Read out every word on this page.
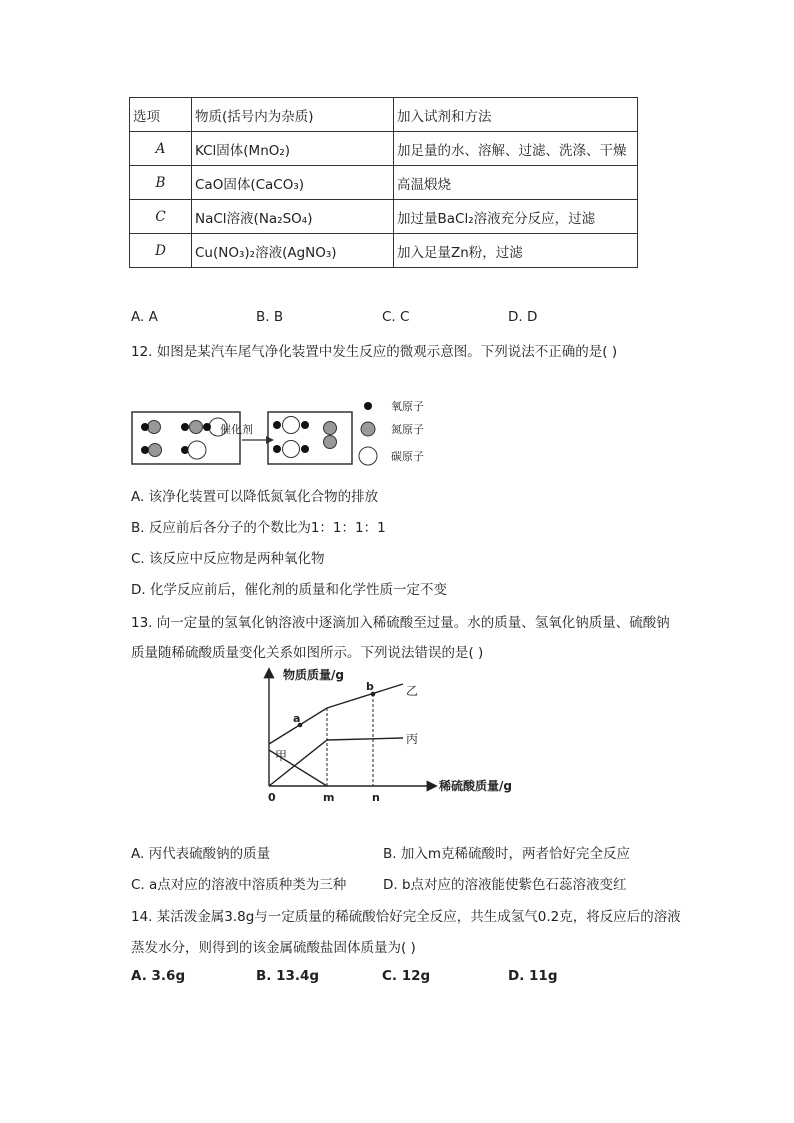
选项	物质(括号内为杂质)	加入试剂和方法
A	KCl固体(MnO₂)	加足量的水、溶解、过滤、洗涤、干燥
B	CaO固体(CaCO₃)	高温煅烧
C	NaCl溶液(Na₂SO₄)	加过量BaCl₂溶液充分反应，过滤
D	Cu(NO₃)₂溶液(AgNO₃)	加入足量Zn粉，过滤
A. A	B. B	C. C	D. D
12. 如图是某汽车尾气净化装置中发生反应的微观示意图。下列说法不正确的是( )
催化剂
氧原子
氮原子
碳原子
A. 该净化装置可以降低氮氧化合物的排放
B. 反应前后各分子的个数比为1：1：1：1
C. 该反应中反应物是两种氧化物
D. 化学反应前后，催化剂的质量和化学性质一定不变
13. 向一定量的氢氧化钠溶液中逐滴加入稀硫酸至过量。水的质量、氢氧化钠质量、硫酸钠
质量随稀硫酸质量变化关系如图所示。下列说法错误的是( )
物质质量/g
稀硫酸质量/g
0	m	n
a
b	乙
丙
甲
A. 丙代表硫酸钠的质量	B. 加入m克稀硫酸时，两者恰好完全反应
C. a点对应的溶液中溶质种类为三种	D. b点对应的溶液能使紫色石蕊溶液变红
14. 某活泼金属3.8g与一定质量的稀硫酸恰好完全反应，共生成氢气0.2克，将反应后的溶液
蒸发水分，则得到的该金属硫酸盐固体质量为( )
A. 3.6g	B. 13.4g	C. 12g	D. 11g
